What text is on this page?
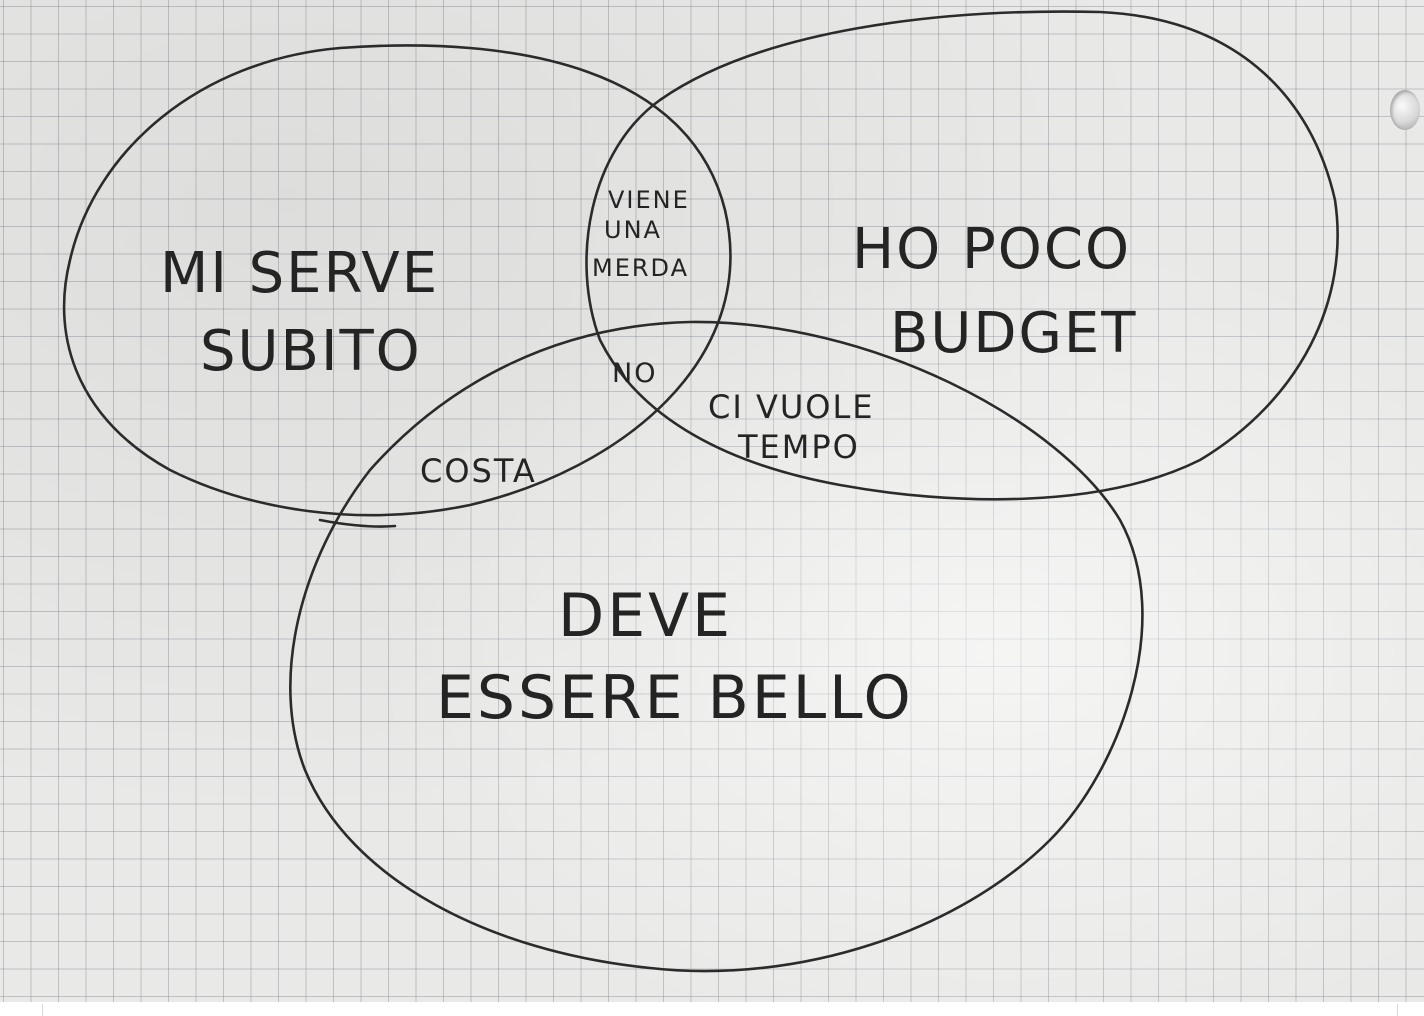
MI SERVE
SUBITO
HO POCO
BUDGET
DEVE
ESSERE BELLO
VIENE
UNA
MERDA
NO
COSTA
CI VUOLE
TEMPO
